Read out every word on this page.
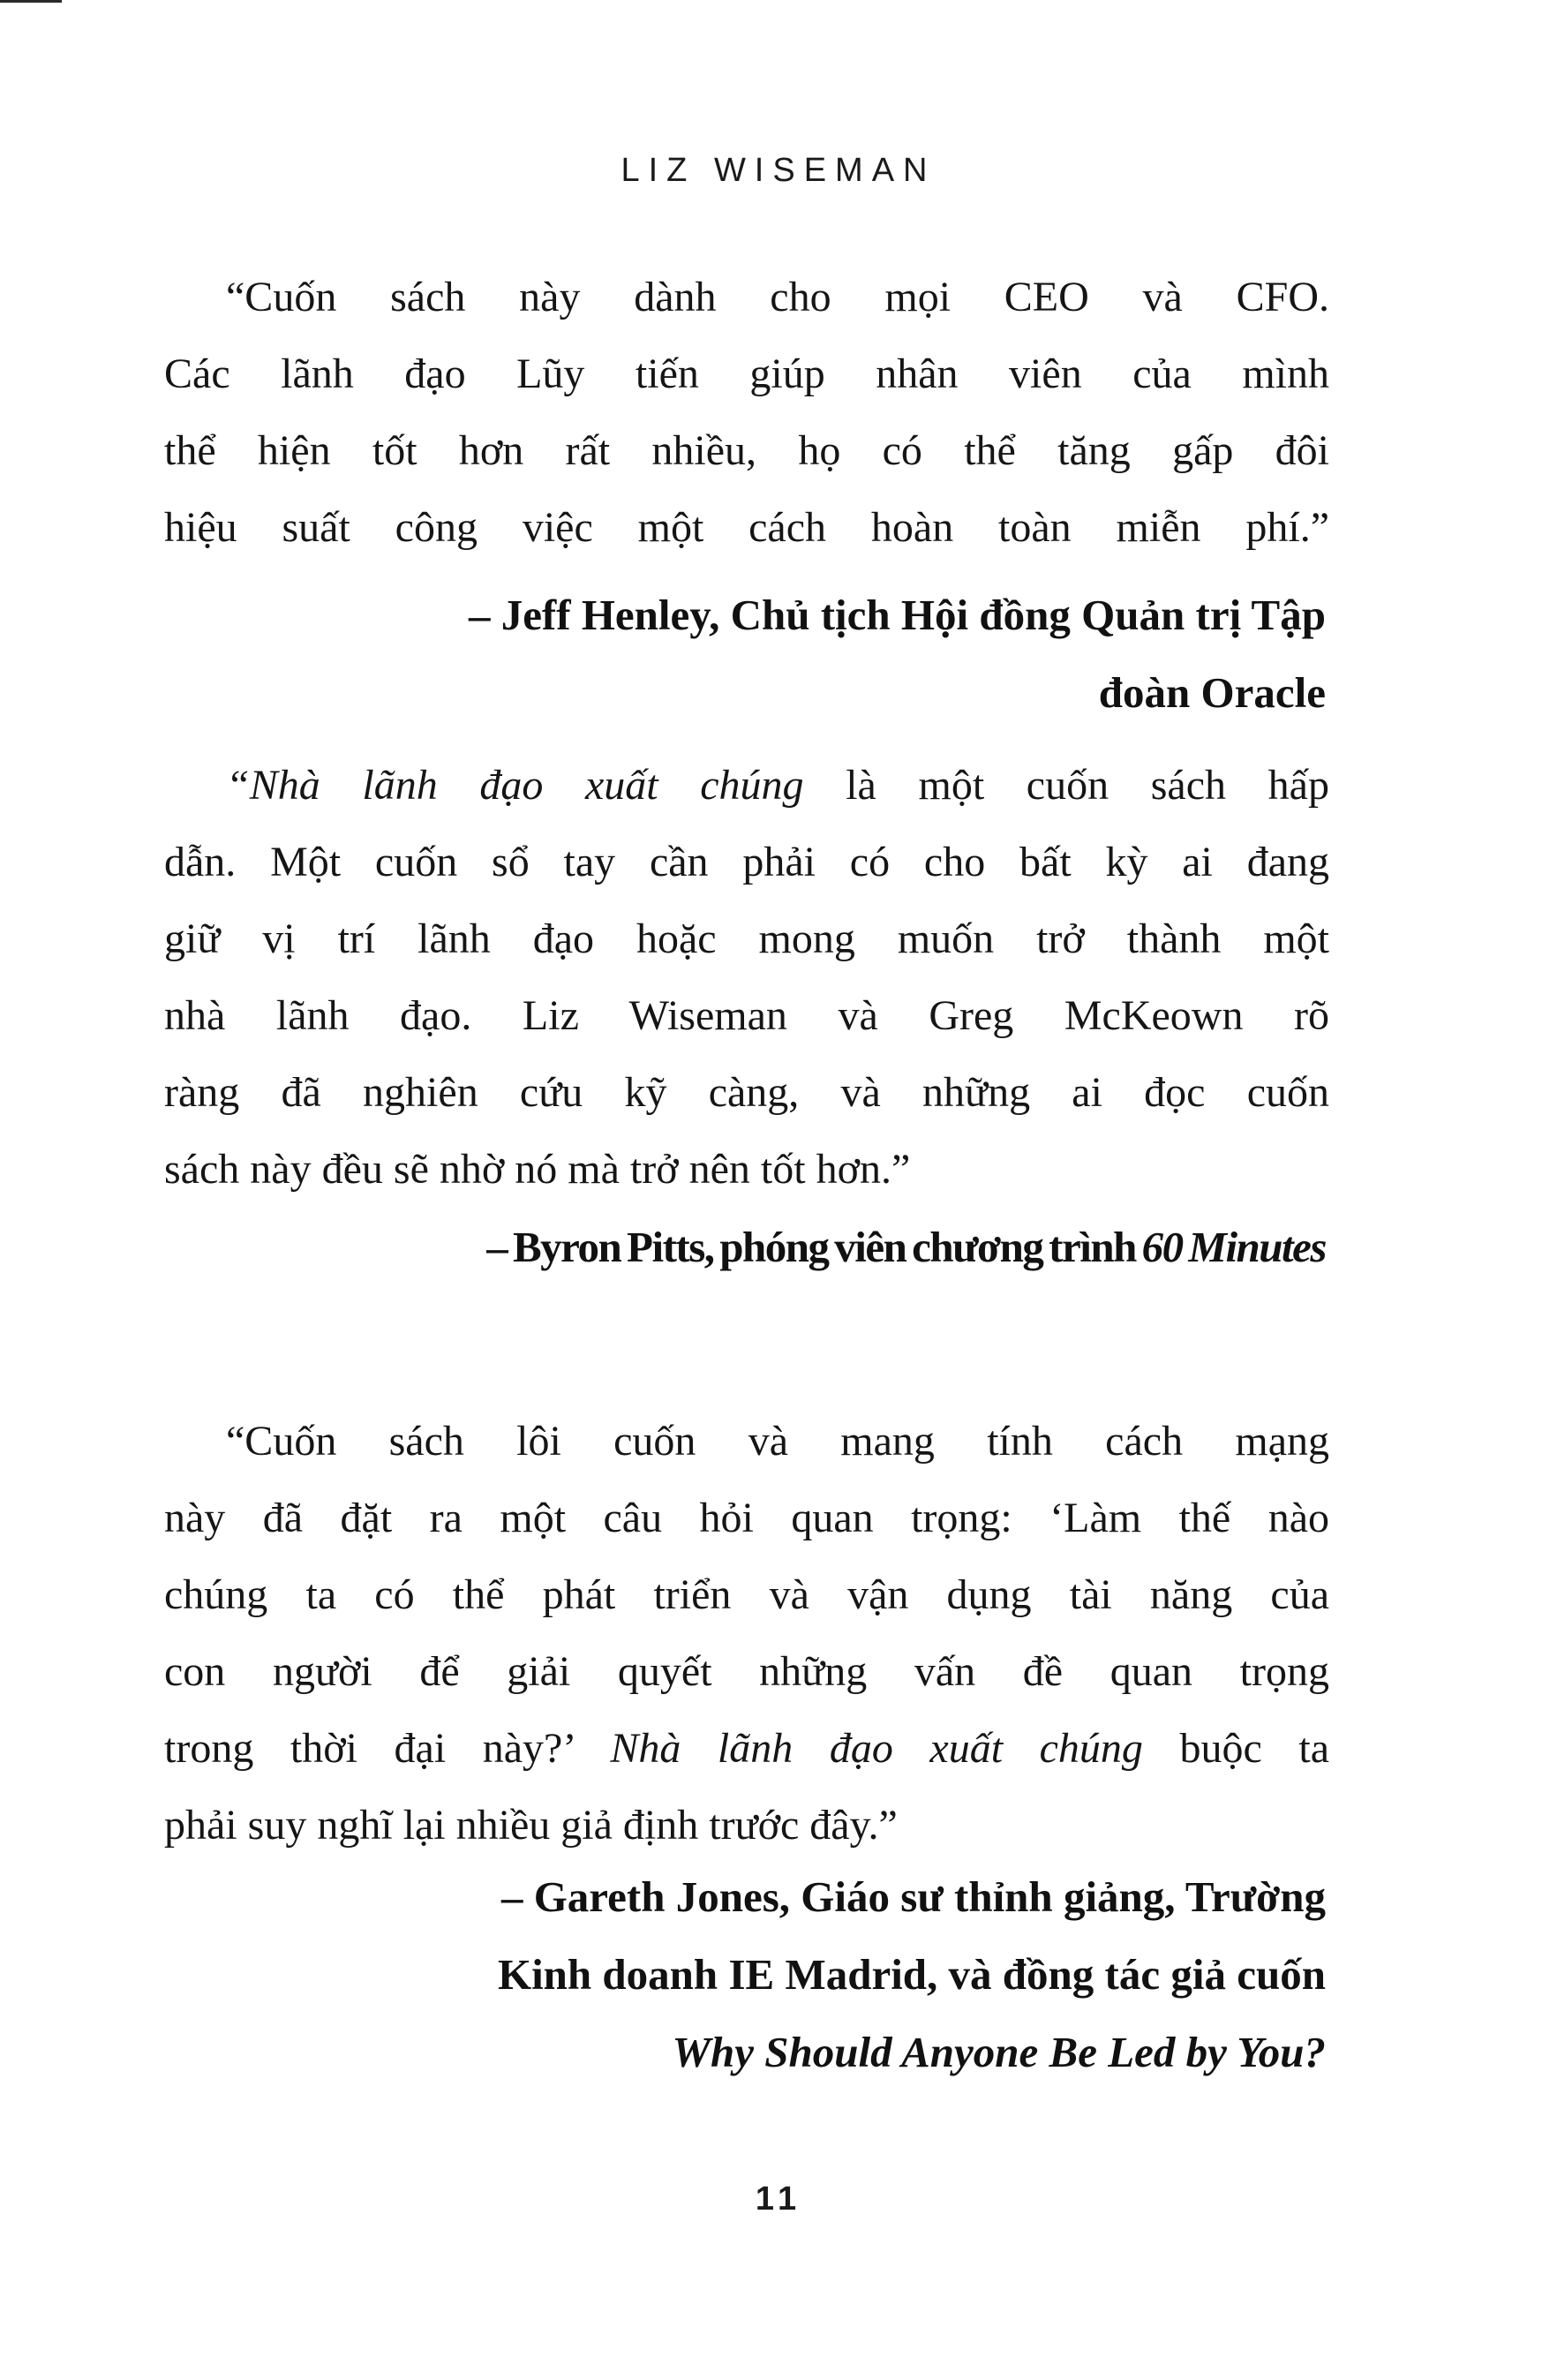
LIZ WISEMAN

“Cuốn sách này dành cho mọi CEO và CFO.
Các lãnh đạo Lũy tiến giúp nhân viên của mình
thể hiện tốt hơn rất nhiều, họ có thể tăng gấp đôi
hiệu suất công việc một cách hoàn toàn miễn phí.”

– Jeff Henley, Chủ tịch Hội đồng Quản trị Tập
đoàn Oracle

“Nhà lãnh đạo xuất chúng là một cuốn sách hấp
dẫn. Một cuốn sổ tay cần phải có cho bất kỳ ai đang
giữ vị trí lãnh đạo hoặc mong muốn trở thành một
nhà lãnh đạo. Liz Wiseman và Greg McKeown rõ
ràng đã nghiên cứu kỹ càng, và những ai đọc cuốn
sách này đều sẽ nhờ nó mà trở nên tốt hơn.”

– Byron Pitts, phóng viên chương trình 60 Minutes

“Cuốn sách lôi cuốn và mang tính cách mạng
này đã đặt ra một câu hỏi quan trọng: ‘Làm thế nào
chúng ta có thể phát triển và vận dụng tài năng của
con người để giải quyết những vấn đề quan trọng
trong thời đại này?’ Nhà lãnh đạo xuất chúng buộc ta
phải suy nghĩ lại nhiều giả định trước đây.”

– Gareth Jones, Giáo sư thỉnh giảng, Trường
Kinh doanh IE Madrid, và đồng tác giả cuốn
Why Should Anyone Be Led by You?

11
